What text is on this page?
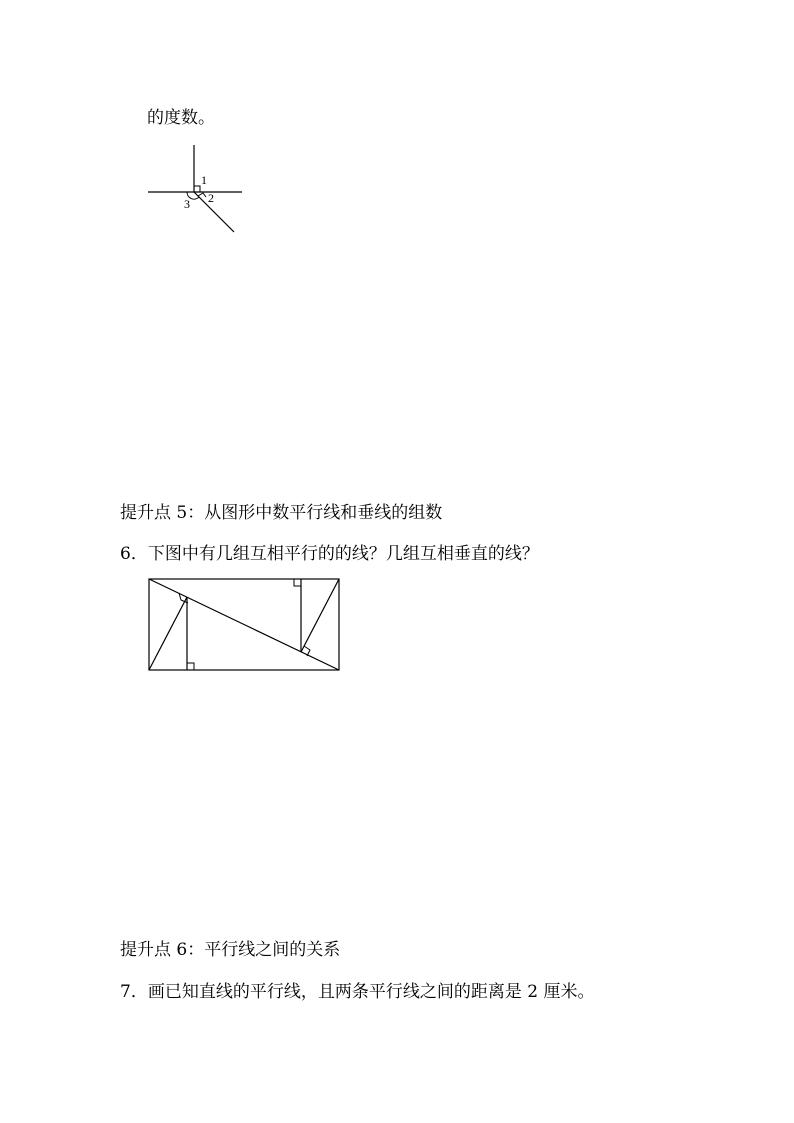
的度数。
1
2
3
提升点 5：从图形中数平行线和垂线的组数
6．下图中有几组互相平行的的线？几组互相垂直的线？
提升点 6：平行线之间的关系
7．画已知直线的平行线，且两条平行线之间的距离是 2 厘米。
